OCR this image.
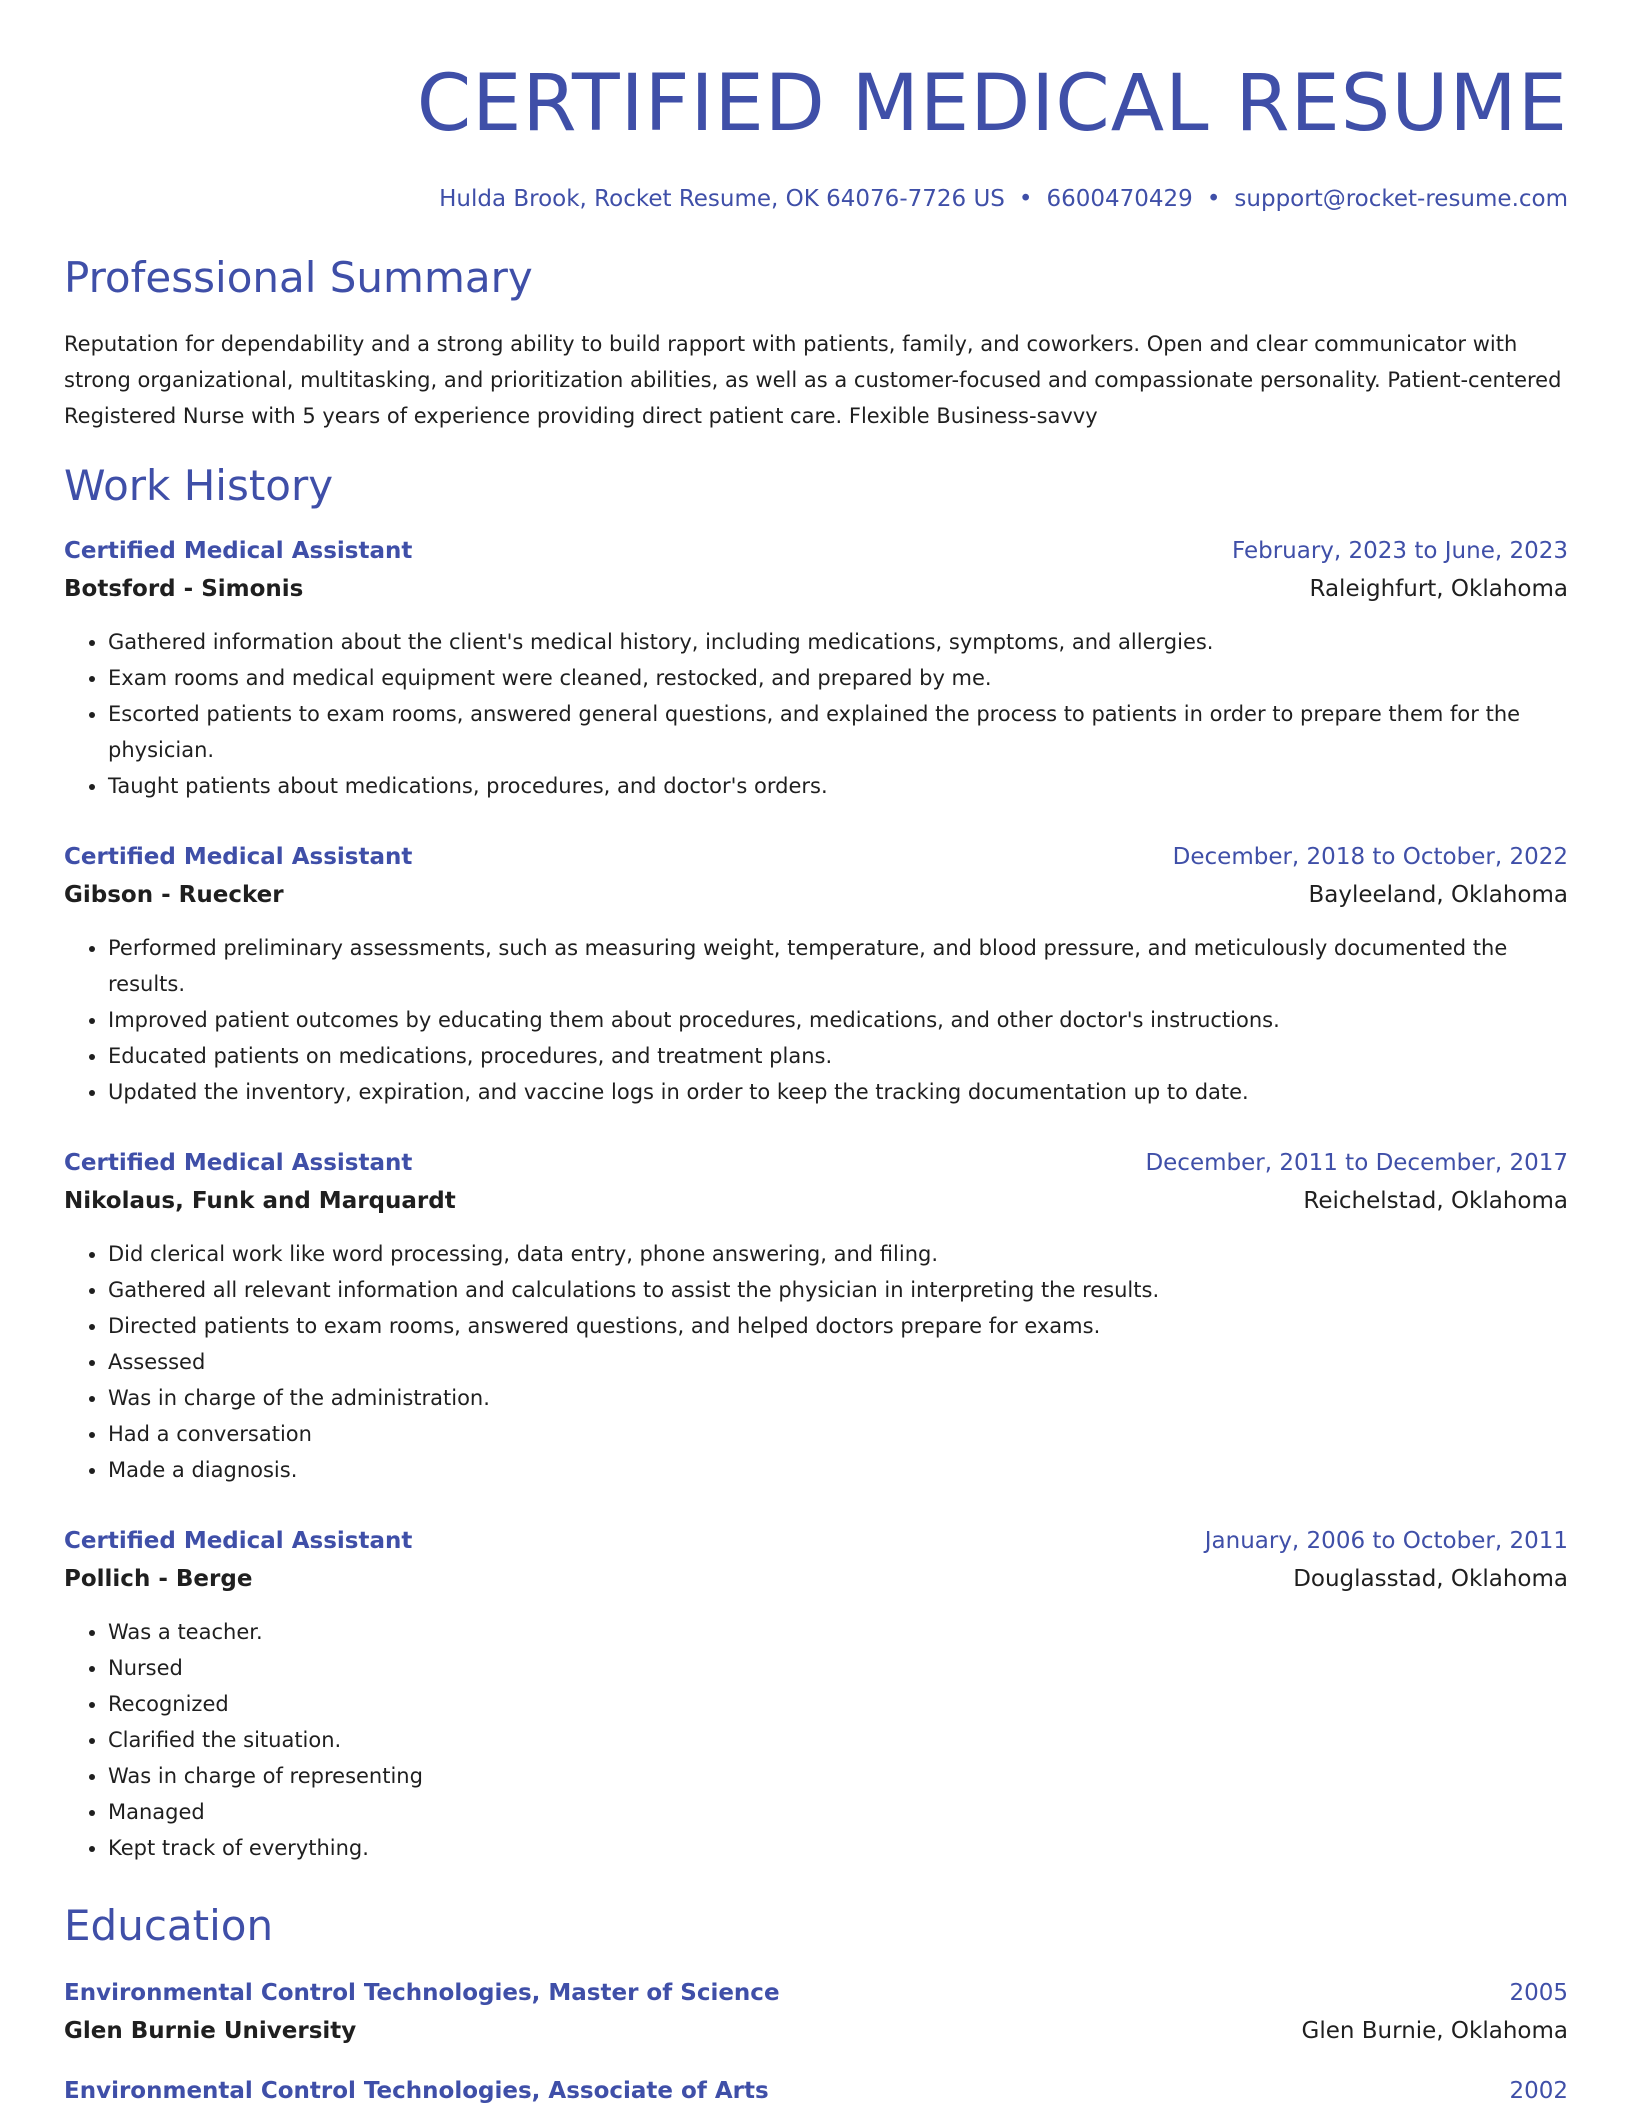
CERTIFIED MEDICAL RESUME
Hulda Brook, Rocket Resume, OK 64076-7726 US • 6600470429 • support@rocket-resume.com
Professional Summary
Reputation for dependability and a strong ability to build rapport with patients, family, and coworkers. Open and clear communicator with strong organizational, multitasking, and prioritization abilities, as well as a customer-focused and compassionate personality. Patient-centered Registered Nurse with 5 years of experience providing direct patient care. Flexible Business-savvy
Work History
Certified Medical Assistant	February, 2023 to June, 2023
Botsford - Simonis	Raleighfurt, Oklahoma
• Gathered information about the client's medical history, including medications, symptoms, and allergies.
• Exam rooms and medical equipment were cleaned, restocked, and prepared by me.
• Escorted patients to exam rooms, answered general questions, and explained the process to patients in order to prepare them for the physician.
• Taught patients about medications, procedures, and doctor's orders.
Certified Medical Assistant	December, 2018 to October, 2022
Gibson - Ruecker	Bayleeland, Oklahoma
• Performed preliminary assessments, such as measuring weight, temperature, and blood pressure, and meticulously documented the results.
• Improved patient outcomes by educating them about procedures, medications, and other doctor's instructions.
• Educated patients on medications, procedures, and treatment plans.
• Updated the inventory, expiration, and vaccine logs in order to keep the tracking documentation up to date.
Certified Medical Assistant	December, 2011 to December, 2017
Nikolaus, Funk and Marquardt	Reichelstad, Oklahoma
• Did clerical work like word processing, data entry, phone answering, and filing.
• Gathered all relevant information and calculations to assist the physician in interpreting the results.
• Directed patients to exam rooms, answered questions, and helped doctors prepare for exams.
• Assessed
• Was in charge of the administration.
• Had a conversation
• Made a diagnosis.
Certified Medical Assistant	January, 2006 to October, 2011
Pollich - Berge	Douglasstad, Oklahoma
• Was a teacher.
• Nursed
• Recognized
• Clarified the situation.
• Was in charge of representing
• Managed
• Kept track of everything.
Education
Environmental Control Technologies, Master of Science	2005
Glen Burnie University	Glen Burnie, Oklahoma
Environmental Control Technologies, Associate of Arts	2002
